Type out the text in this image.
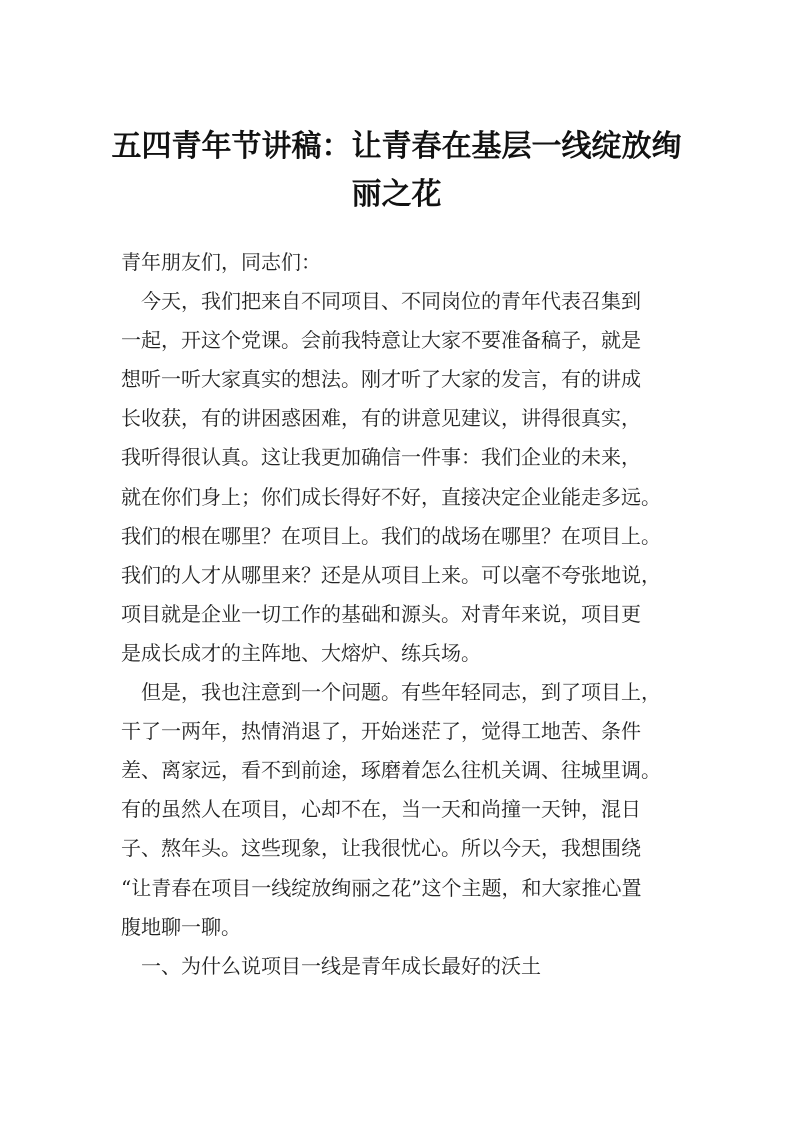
五四青年节讲稿：让青春在基层一线绽放绚
丽之花
青年朋友们，同志们：
今天，我们把来自不同项目、不同岗位的青年代表召集到
一起，开这个党课。会前我特意让大家不要准备稿子，就是
想听一听大家真实的想法。刚才听了大家的发言，有的讲成
长收获，有的讲困惑困难，有的讲意见建议，讲得很真实，
我听得很认真。这让我更加确信一件事：我们企业的未来，
就在你们身上；你们成长得好不好，直接决定企业能走多远。
我们的根在哪里？在项目上。我们的战场在哪里？在项目上。
我们的人才从哪里来？还是从项目上来。可以毫不夸张地说，
项目就是企业一切工作的基础和源头。对青年来说，项目更
是成长成才的主阵地、大熔炉、练兵场。
但是，我也注意到一个问题。有些年轻同志，到了项目上，
干了一两年，热情消退了，开始迷茫了，觉得工地苦、条件
差、离家远，看不到前途，琢磨着怎么往机关调、往城里调。
有的虽然人在项目，心却不在，当一天和尚撞一天钟，混日
子、熬年头。这些现象，让我很忧心。所以今天，我想围绕
“让青春在项目一线绽放绚丽之花”这个主题，和大家推心置
腹地聊一聊。
一、为什么说项目一线是青年成长最好的沃土
